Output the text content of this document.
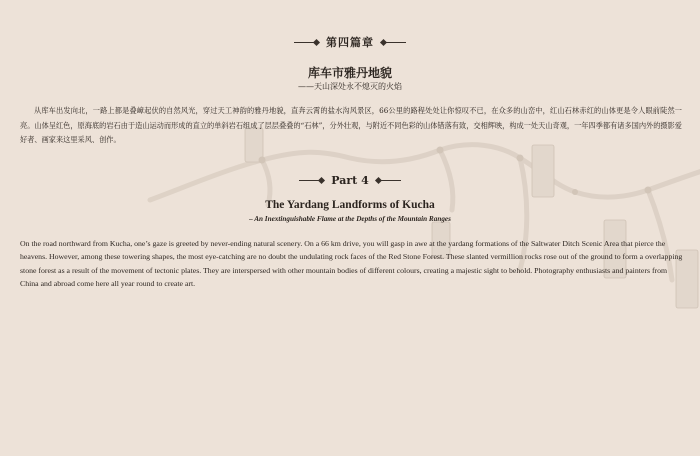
第四篇章
库车市雅丹地貌
——天山深处永不熄灭的火焰
从库车出发向北，一路上都是叠嶂起伏的自然风光，穿过天工神韵的雅丹地貌，直奔云霄的盐水沟风景区，66公里的路程处处让你惊叹不已，在众多的山峦中，红山石林赤红的山体更是令人眼前陡然一亮。山体呈红色，原海底的岩石由于造山运动而形成的直立的单斜岩石组成了层层叠叠的“石林”，分外壮观，与附近不同色彩的山体错落有致，交相辉映，构成一处天山奇观，一年四季都有诸多国内外的摄影爱好者、画家来这里采风、创作。
Part 4
The Yardang Landforms of Kucha
– An Inextinguishable Flame at the Depths of the Mountain Ranges
On the road northward from Kucha, one’s gaze is greeted by never-ending natural scenery. On a 66 km drive, you will gasp in awe at the yardang formations of the Saltwater Ditch Scenic Area that pierce the heavens. However, among these towering shapes, the most eye-catching are no doubt the undulating rock faces of the Red Stone Forest. These slanted vermillion rocks rose out of the ground to form a overlapping stone forest as a result of the movement of tectonic plates. They are interspersed with other mountain bodies of different colours, creating a majestic sight to behold. Photography enthusiasts and painters from China and abroad come here all year round to create art.
